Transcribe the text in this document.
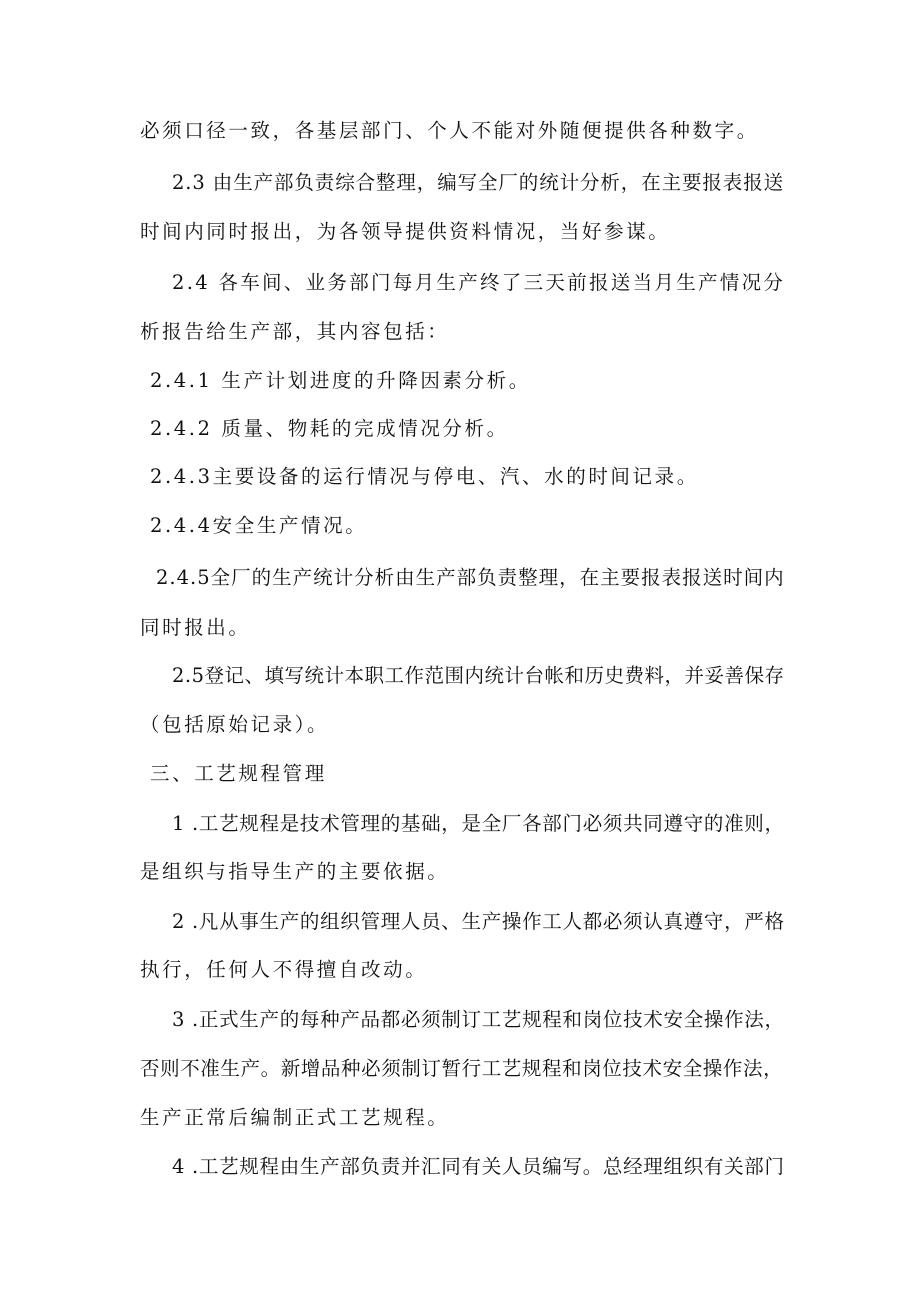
必须口径一致，各基层部门、个人不能对外随便提供各种数字。
2.3 由生产部负责综合整理，编写全厂的统计分析，在主要报表报送
时间内同时报出，为各领导提供资料情况，当好参谋。
2.4 各车间、业务部门每月生产终了三天前报送当月生产情况分
析报告给生产部，其内容包括：
2.4.1 生产计划进度的升降因素分析。
2.4.2 质量、物耗的完成情况分析。
2.4.3主要设备的运行情况与停电、汽、水的时间记录。
2.4.4安全生产情况。
2.4.5全厂的生产统计分析由生产部负责整理，在主要报表报送时间内
同时报出。
2.5登记、填写统计本职工作范围内统计台帐和历史费料，并妥善保存
（包括原始记录）。
三、工艺规程管理
1 .工艺规程是技术管理的基础，是全厂各部门必须共同遵守的准则，
是组织与指导生产的主要依据。
2 .凡从事生产的组织管理人员、生产操作工人都必须认真遵守，严格
执行，任何人不得擅自改动。
3 .正式生产的每种产品都必须制订工艺规程和岗位技术安全操作法，
否则不准生产。新增品种必须制订暂行工艺规程和岗位技术安全操作法，
生产正常后编制正式工艺规程。
4 .工艺规程由生产部负责并汇同有关人员编写。总经理组织有关部门
